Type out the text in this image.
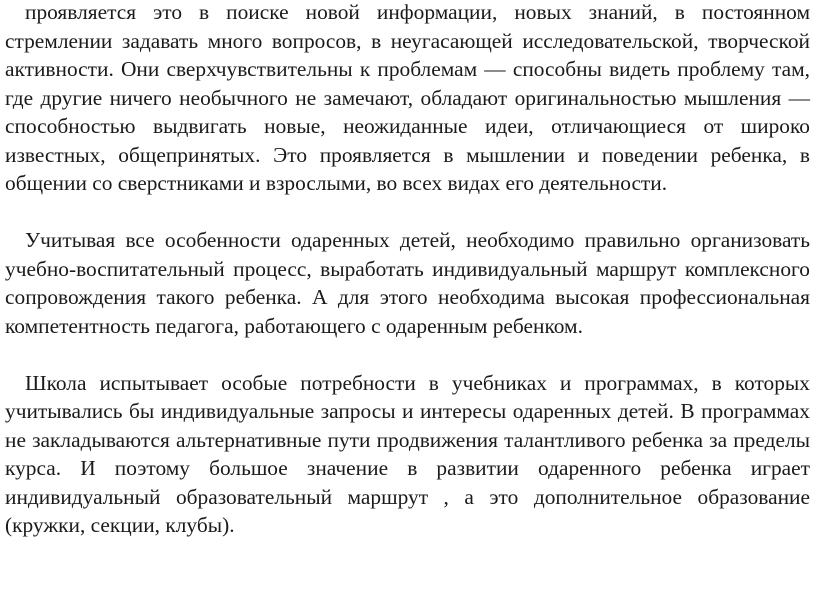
проявляется это в поиске новой информации, новых знаний, в постоянном стремлении задавать много вопросов, в неугасающей исследовательской, творческой активности. Они сверхчувствительны к проблемам — способны видеть проблему там, где другие ничего необычного не замечают, обладают оригинальностью мышления — способностью выдвигать новые, неожиданные идеи, отличающиеся от широко известных, общепринятых. Это проявляется в мышлении и поведении ребенка, в общении со сверстниками и взрослыми, во всех видах его деятельности.

Учитывая все особенности одаренных детей, необходимо правильно организовать учебно-воспитательный процесс, выработать индивидуальный маршрут комплексного сопровождения такого ребенка. А для этого необходима высокая профессиональная компетентность педагога, работающего с одаренным ребенком.

Школа испытывает особые потребности в учебниках и программах, в которых учитывались бы индивидуальные запросы и интересы одаренных детей. В программах не закладываются альтернативные пути продвижения талантливого ребенка за пределы курса. И поэтому большое значение в развитии одаренного ребенка играет индивидуальный образовательный маршрут , а это дополнительное образование (кружки, секции, клубы).
